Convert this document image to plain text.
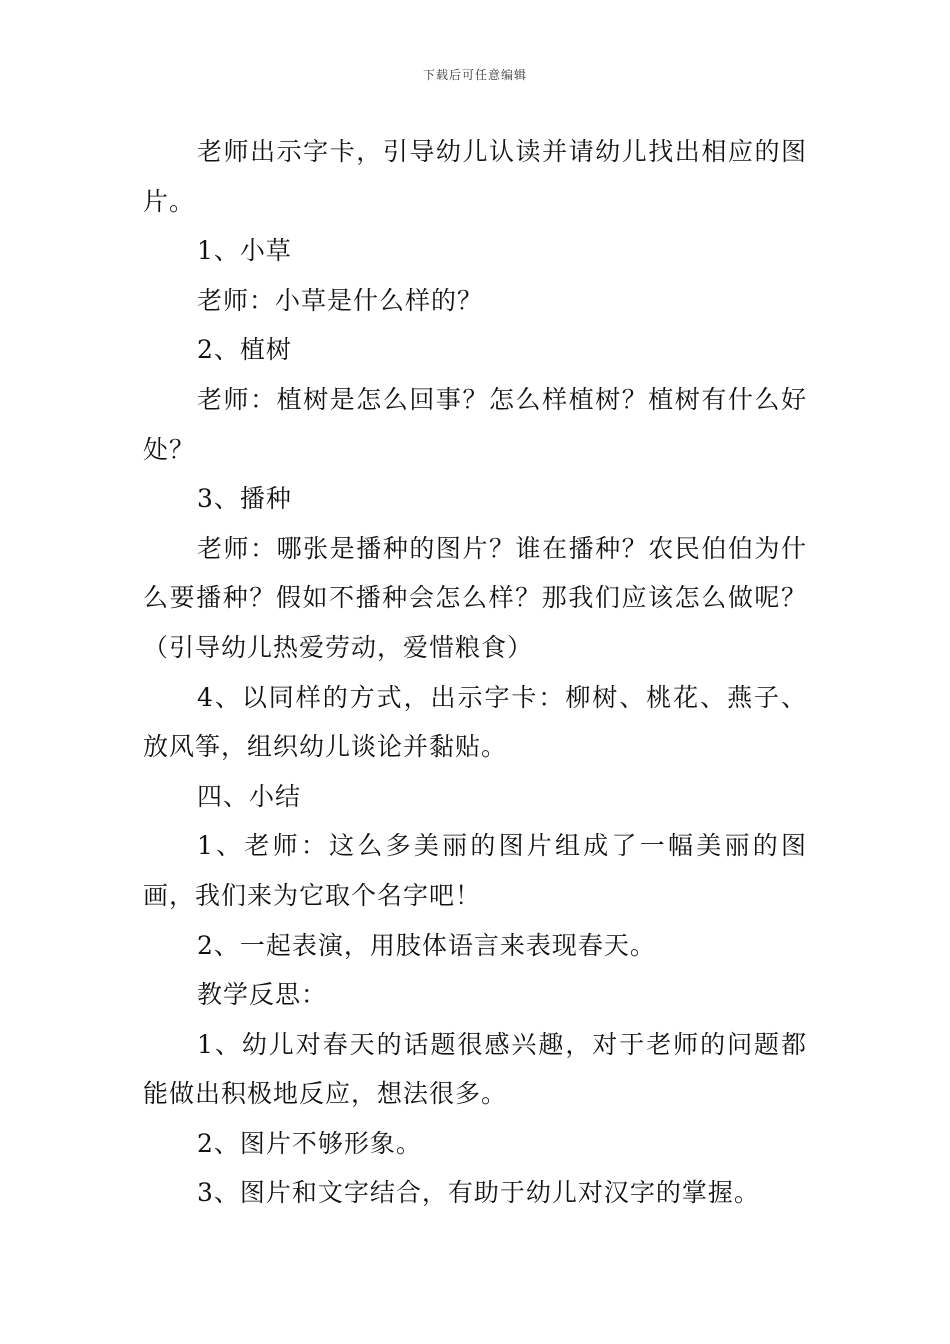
下载后可任意编辑

老师出示字卡，引导幼儿认读并请幼儿找出相应的图片。

1、小草

老师：小草是什么样的？

2、植树

老师：植树是怎么回事？怎么样植树？植树有什么好处？

3、播种

老师：哪张是播种的图片？谁在播种？农民伯伯为什么要播种？假如不播种会怎么样？那我们应该怎么做呢？（引导幼儿热爱劳动，爱惜粮食）

4、以同样的方式，出示字卡：柳树、桃花、燕子、放风筝，组织幼儿谈论并黏贴。

四、小结

1、老师：这么多美丽的图片组成了一幅美丽的图画，我们来为它取个名字吧！

2、一起表演，用肢体语言来表现春天。

教学反思：

1、幼儿对春天的话题很感兴趣，对于老师的问题都能做出积极地反应，想法很多。

2、图片不够形象。

3、图片和文字结合，有助于幼儿对汉字的掌握。
